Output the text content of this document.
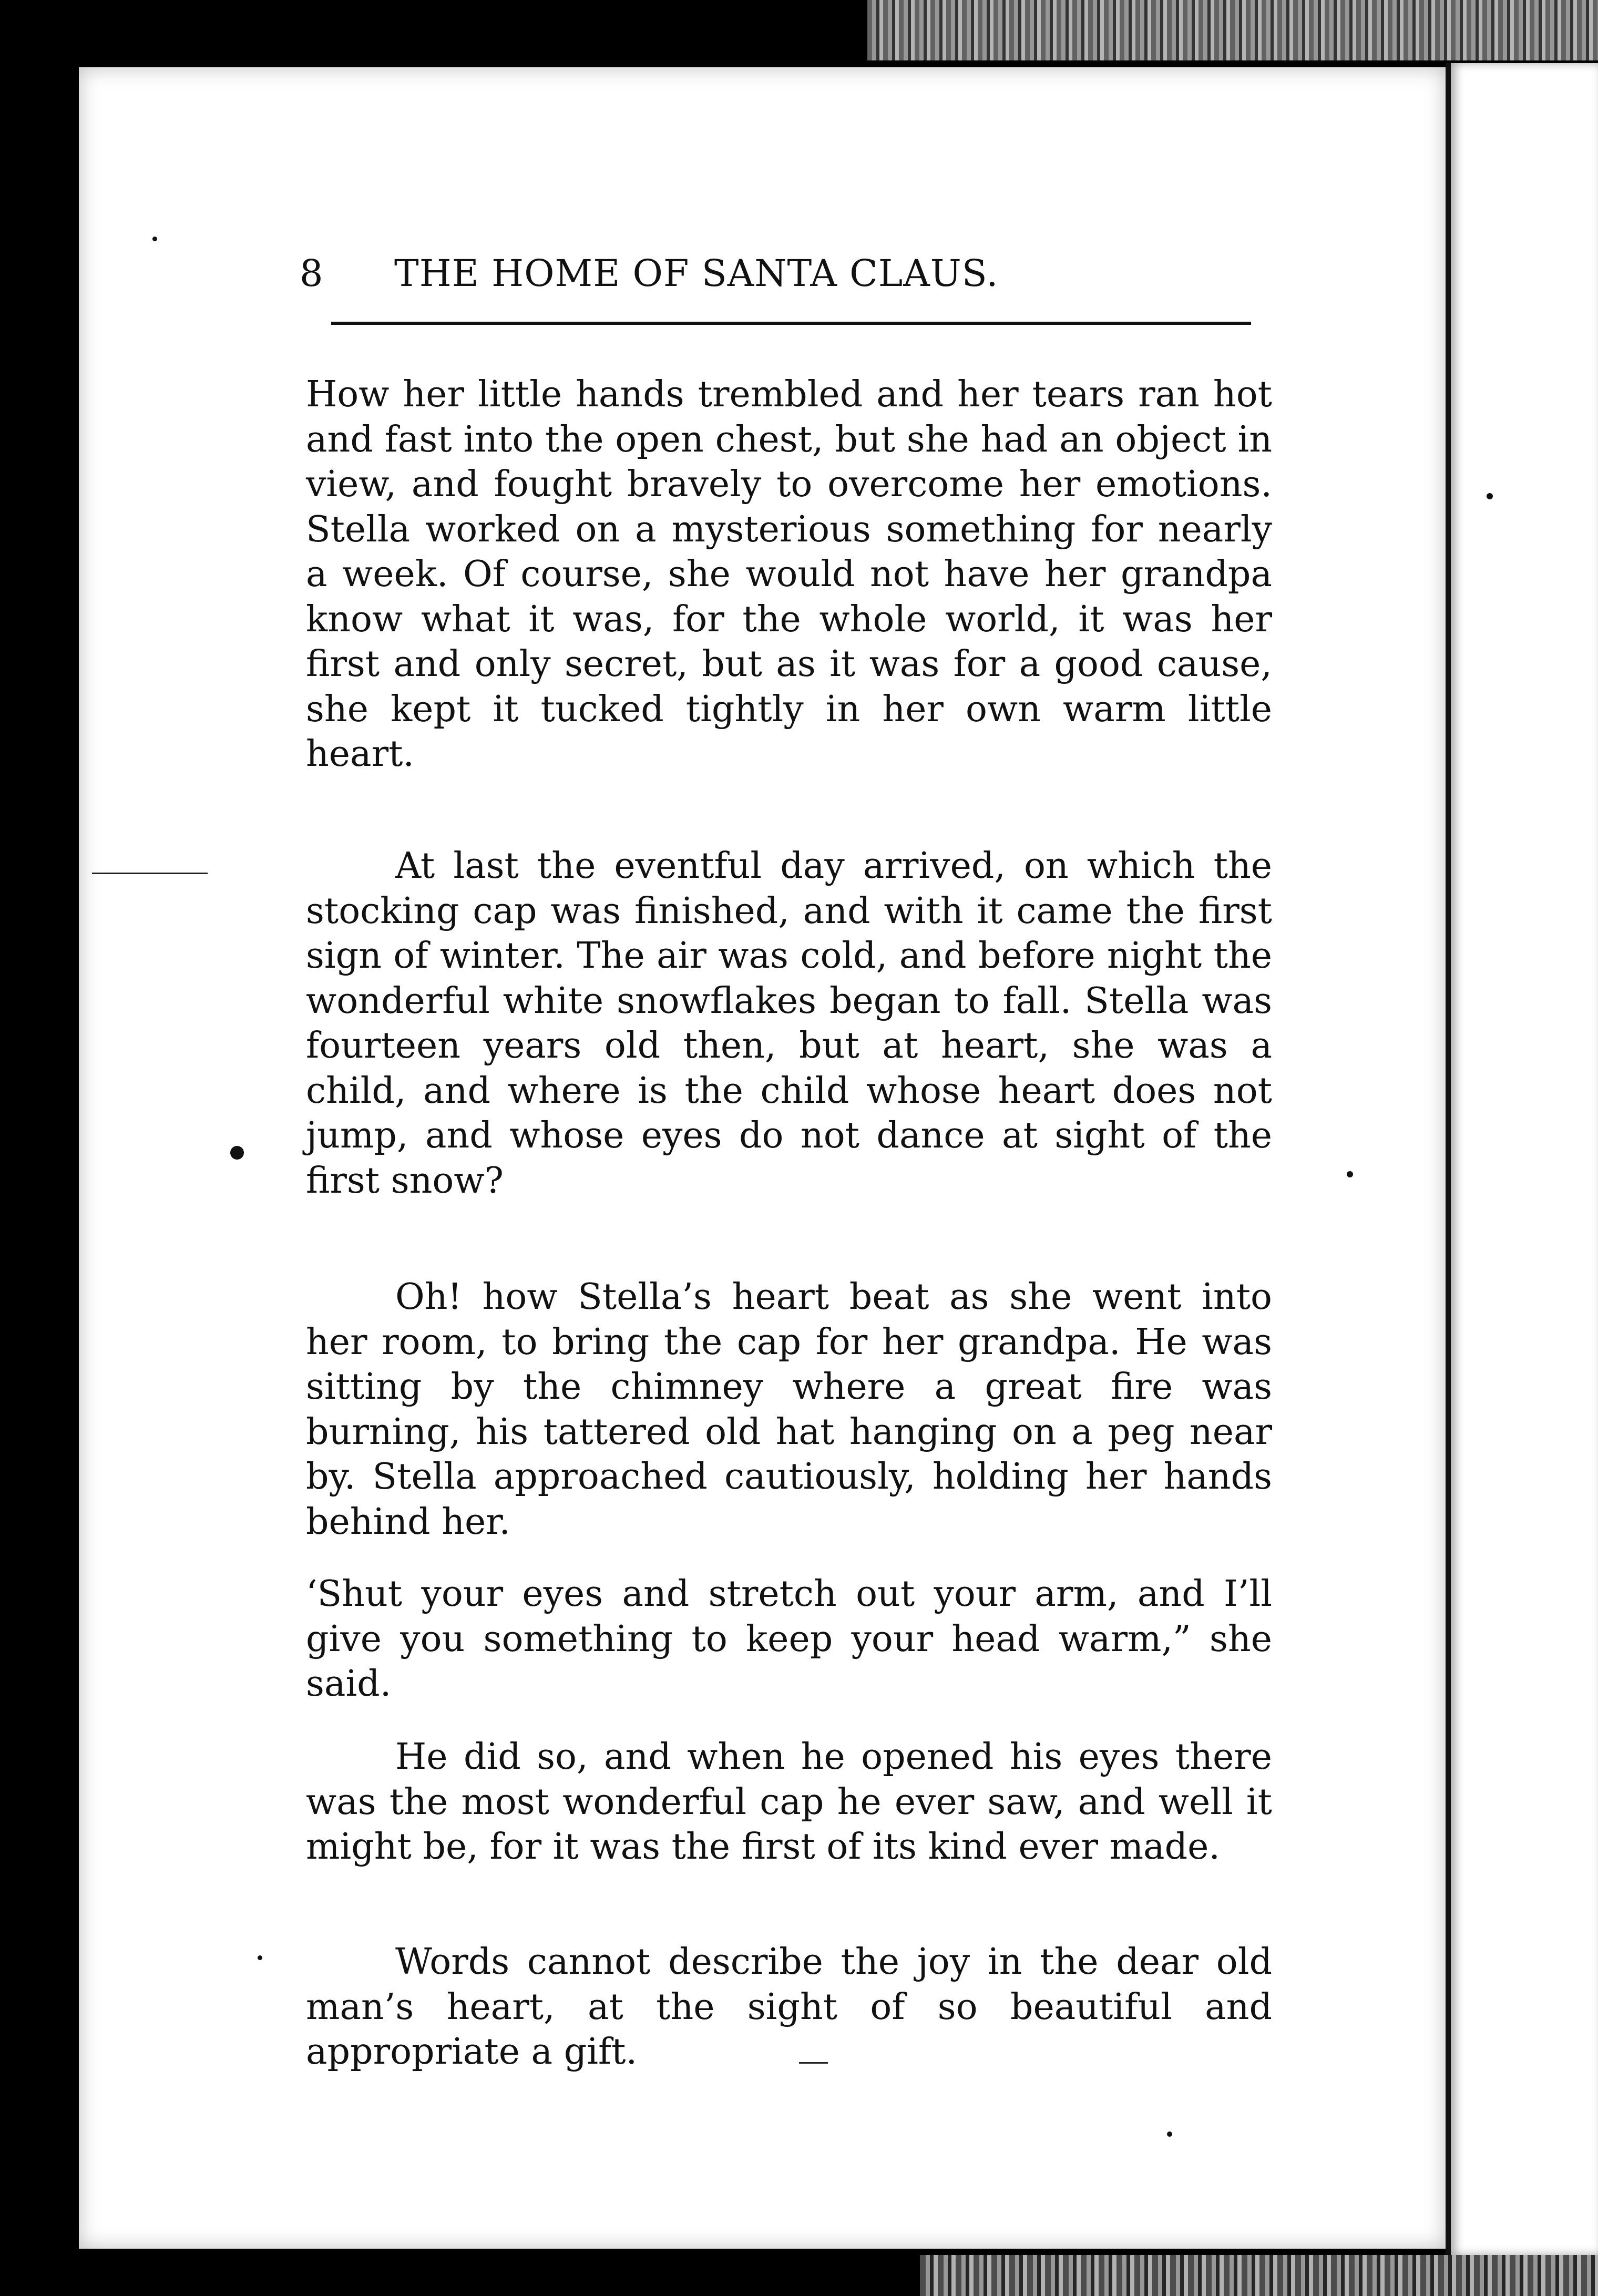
8 THE HOME OF SANTA CLAUS.

How her little hands trembled and her tears ran hot and fast into the open chest, but she had an object in view, and fought bravely to overcome her emotions. Stella worked on a mysterious something for nearly a week. Of course, she would not have her grandpa know what it was, for the whole world, it was her first and only secret, but as it was for a good cause, she kept it tucked tightly in her own warm little heart.

At last the eventful day arrived, on which the stocking cap was finished, and with it came the first sign of winter. The air was cold, and before night the wonderful white snowflakes began to fall. Stella was fourteen years old then, but at heart, she was a child, and where is the child whose heart does not jump, and whose eyes do not dance at sight of the first snow?

Oh! how Stella’s heart beat as she went into her room, to bring the cap for her grandpa. He was sitting by the chimney where a great fire was burning, his tattered old hat hanging on a peg near by. Stella approached cautiously, holding her hands behind her.

‘Shut your eyes and stretch out your arm, and I’ll give you something to keep your head warm,” she said.

He did so, and when he opened his eyes there was the most wonderful cap he ever saw, and well it might be, for it was the first of its kind ever made.

Words cannot describe the joy in the dear old man’s heart, at the sight of so beautiful and appropriate a gift.
